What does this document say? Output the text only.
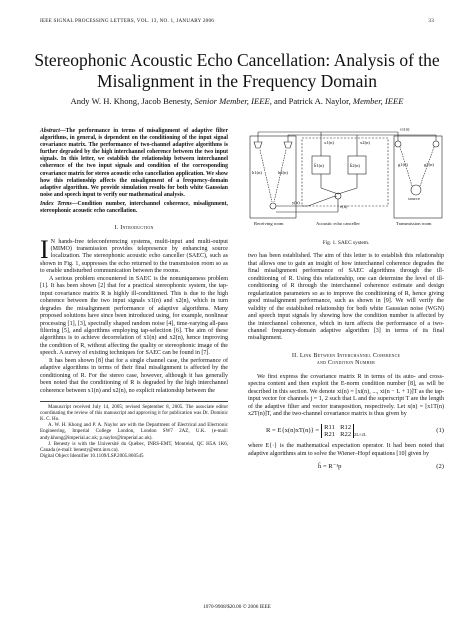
IEEE SIGNAL PROCESSING LETTERS, VOL. 13, NO. 1, JANUARY 2006	33
Stereophonic Acoustic Echo Cancellation: Analysis of the Misalignment in the Frequency Domain
Andy W. H. Khong, Jacob Benesty, Senior Member, IEEE, and Patrick A. Naylor, Member, IEEE
Abstract—The performance in terms of misalignment of adaptive filter algorithms, in general, is dependent on the conditioning of the input signal covariance matrix. The performance of two-channel adaptive algorithms is further degraded by the high interchannel coherence between the two input signals. In this letter, we establish the relationship between interchannel coherence of the two input signals and condition of the corresponding covariance matrix for stereo acoustic echo cancellation application. We show how this relationship affects the misalignment of a frequency-domain adaptive algorithm. We provide simulation results for both white Gaussian noise and speech input to verify our mathematical analysis.
Index Terms—Condition number, interchannel coherence, misalignment, stereophonic acoustic echo cancellation.
I. Introduction

I N hands-free teleconferencing systems, multi-input and multi-output (MIMO) transmission provides telepresence by enhancing source localization. The stereophonic acoustic echo canceller (SAEC), such as shown in Fig. 1, suppresses the echo returned to the transmission room so as to enable undisturbed communication between the rooms.

A serious problem encountered in SAEC is the nonuniqueness problem [1]. It has been shown [2] that for a practical stereophonic system, the tap-input covariance matrix R is highly ill-conditioned. This is due to the high coherence between the two input signals x1(n) and x2(n), which in turn degrades the misalignment performance of adaptive algorithms. Many proposed solutions have since been introduced using, for example, nonlinear processing [1], [3], spectrally shaped random noise [4], time-varying all-pass filtering [5], and algorithms employing tap-selection [6]. The aim of these algorithms is to achieve decorrelation of x1(n) and x2(n), hence improving the condition of R, without affecting the quality or stereophonic image of the speech. A survey of existing techniques for SAEC can be found in [7].

It has been shown [8] that for a single channel case, the performance of adaptive algorithms in terms of their final misalignment is affected by the conditioning of R. For the stereo case, however, although it has generally been noted that the conditioning of R is degraded by the high interchannel coherence between x1(n) and x2(n), no explicit relationship between the

Manuscript received July 14, 2005; revised September 8, 2005. The associate editor coordinating the review of this manuscript and approving it for publication was Dr. Dominic K. C. Ho.

A. W. H. Khong and P. A. Naylor are with the Department of Electrical and Electronic Engineering, Imperial College London, London SW7 2AZ, U.K. (e-mail: andy.khong@imperial.ac.uk; p.naylor@imperial.ac.uk).

J. Benesty is with the Université du Québec, INRS-EMT, Montréal, QC H5A 1K6, Canada (e-mail: benesty@emt.inrs.ca).

Digital Object Identifier 10.1109/LSP.2005.860545

s1(n)
g1(n)	g2(n)
h1(n)	h2(n)
ĥ1(n)	ĥ2(n)
x1(n)	x2(n)
y(n)
e(n)
+	source
Receiving room	Acoustic echo canceller	Transmission room
Fig. 1. SAEC system.

two has been established. The aim of this letter is to establish this relationship that allows one to gain an insight of how interchannel coherence degrades the final misalignment performance of SAEC algorithms through the ill-conditioning of R. Using this relationship, one can determine the level of ill-conditioning of R through the interchannel coherence estimate and design regularization parameters so as to improve the conditioning of R, hence giving good misalignment performance, such as shown in [9]. We will verify the validity of the established relationship for both white Gaussian noise (WGN) and speech input signals by showing how the condition number is affected by the interchannel coherence, which in turn affects the performance of a two-channel frequency-domain adaptive algorithm [3] in terms of its final misalignment.

II. Link Between Interchannel Coherence
and Condition Number

We first express the covariance matrix R in terms of its auto- and cross-spectra content and then exploit the E-norm condition number [8], as will be described in this section. We denote xi(n) = [xi(n), ..., xi(n − L + 1)]T as the tap-input vector for channels j = 1, 2 such that L and the superscript T are the length of the adaptive filter and vector transposition, respectively. Let x(n) = [x1T(n) x2T(n)]T, and the two-channel covariance matrix is thus given by

R = E{x(n)xT(n)} =
R11 R12
R21 R22 $_{2L\times 2L}$
(1)

where E{·} is the mathematical expectation operator. It had been noted that adaptive algorithms aim to solve the Wiener–Hopf equations [10] given by

ĥ = R⁻¹p	(2)
1070-9908/$20.00 © 2006 IEEE
